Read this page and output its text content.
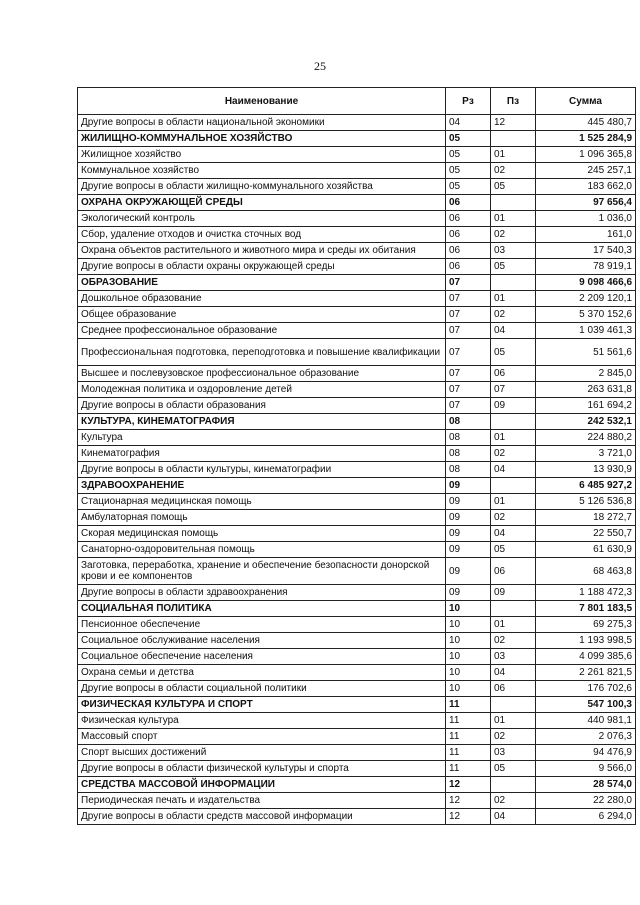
25
Наименование	Рз	Пз	Сумма
Другие вопросы в области национальной экономики	04	12	445 480,7
ЖИЛИЩНО-КОММУНАЛЬНОЕ ХОЗЯЙСТВО	05		1 525 284,9
Жилищное хозяйство	05	01	1 096 365,8
Коммунальное хозяйство	05	02	245 257,1
Другие вопросы в области жилищно-коммунального хозяйства	05	05	183 662,0
ОХРАНА ОКРУЖАЮЩЕЙ СРЕДЫ	06		97 656,4
Экологический контроль	06	01	1 036,0
Сбор, удаление отходов и очистка сточных вод	06	02	161,0
Охрана объектов растительного и животного мира и среды их обитания	06	03	17 540,3
Другие вопросы в области охраны окружающей среды	06	05	78 919,1
ОБРАЗОВАНИЕ	07		9 098 466,6
Дошкольное образование	07	01	2 209 120,1
Общее образование	07	02	5 370 152,6
Среднее профессиональное образование	07	04	1 039 461,3
Профессиональная подготовка, переподготовка и повышение квалификации	07	05	51 561,6
Высшее и послевузовское профессиональное образование	07	06	2 845,0
Молодежная политика и оздоровление детей	07	07	263 631,8
Другие вопросы в области образования	07	09	161 694,2
КУЛЬТУРА, КИНЕМАТОГРАФИЯ	08		242 532,1
Культура	08	01	224 880,2
Кинематография	08	02	3 721,0
Другие вопросы в области культуры, кинематографии	08	04	13 930,9
ЗДРАВООХРАНЕНИЕ	09		6 485 927,2
Стационарная медицинская помощь	09	01	5 126 536,8
Амбулаторная помощь	09	02	18 272,7
Скорая медицинская помощь	09	04	22 550,7
Санаторно-оздоровительная помощь	09	05	61 630,9
Заготовка, переработка, хранение и обеспечение безопасности донорской крови и ее компонентов	09	06	68 463,8
Другие вопросы в области здравоохранения	09	09	1 188 472,3
СОЦИАЛЬНАЯ ПОЛИТИКА	10		7 801 183,5
Пенсионное обеспечение	10	01	69 275,3
Социальное обслуживание населения	10	02	1 193 998,5
Социальное обеспечение населения	10	03	4 099 385,6
Охрана семьи и детства	10	04	2 261 821,5
Другие вопросы в области социальной политики	10	06	176 702,6
ФИЗИЧЕСКАЯ КУЛЬТУРА И СПОРТ	11		547 100,3
Физическая культура	11	01	440 981,1
Массовый спорт	11	02	2 076,3
Спорт высших достижений	11	03	94 476,9
Другие вопросы в области физической культуры и спорта	11	05	9 566,0
СРЕДСТВА МАССОВОЙ ИНФОРМАЦИИ	12		28 574,0
Периодическая печать и издательства	12	02	22 280,0
Другие вопросы в области средств массовой информации	12	04	6 294,0
